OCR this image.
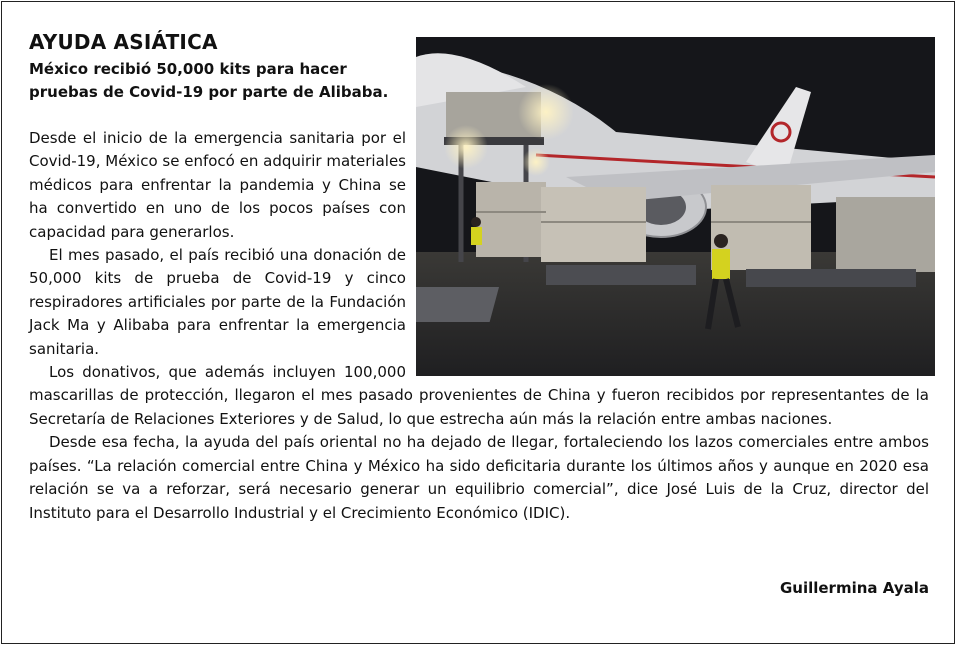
AYUDA ASIÁTICA
México recibió 50,000 kits para hacer pruebas de Covid-19 por parte de Alibaba.

Desde el inicio de la emergencia sanitaria por el Covid-19, México se enfocó en adquirir materiales médicos para enfrentar la pandemia y China se ha convertido en uno de los pocos países con capacidad para generarlos.

El mes pasado, el país recibió una donación de 50,000 kits de prueba de Covid-19 y cinco respiradores artificiales por parte de la Fundación Jack Ma y Alibaba para enfrentar la emergencia sanitaria.

Los donativos, que además incluyen 100,000 mascarillas de protección, llegaron el mes pasado provenientes de China y fueron recibidos por representantes de la Secretaría de Relaciones Exteriores y de Salud, lo que estrecha aún más la relación entre ambas naciones.

Desde esa fecha, la ayuda del país oriental no ha dejado de llegar, fortaleciendo los lazos comerciales entre ambos países. “La relación comercial entre China y México ha sido deficitaria durante los últimos años y aunque en 2020 esa relación se va a reforzar, será necesario generar un equilibrio comercial”, dice José Luis de la Cruz, director del Instituto para el Desarrollo Industrial y el Crecimiento Económico (IDIC).

Guillermina Ayala
